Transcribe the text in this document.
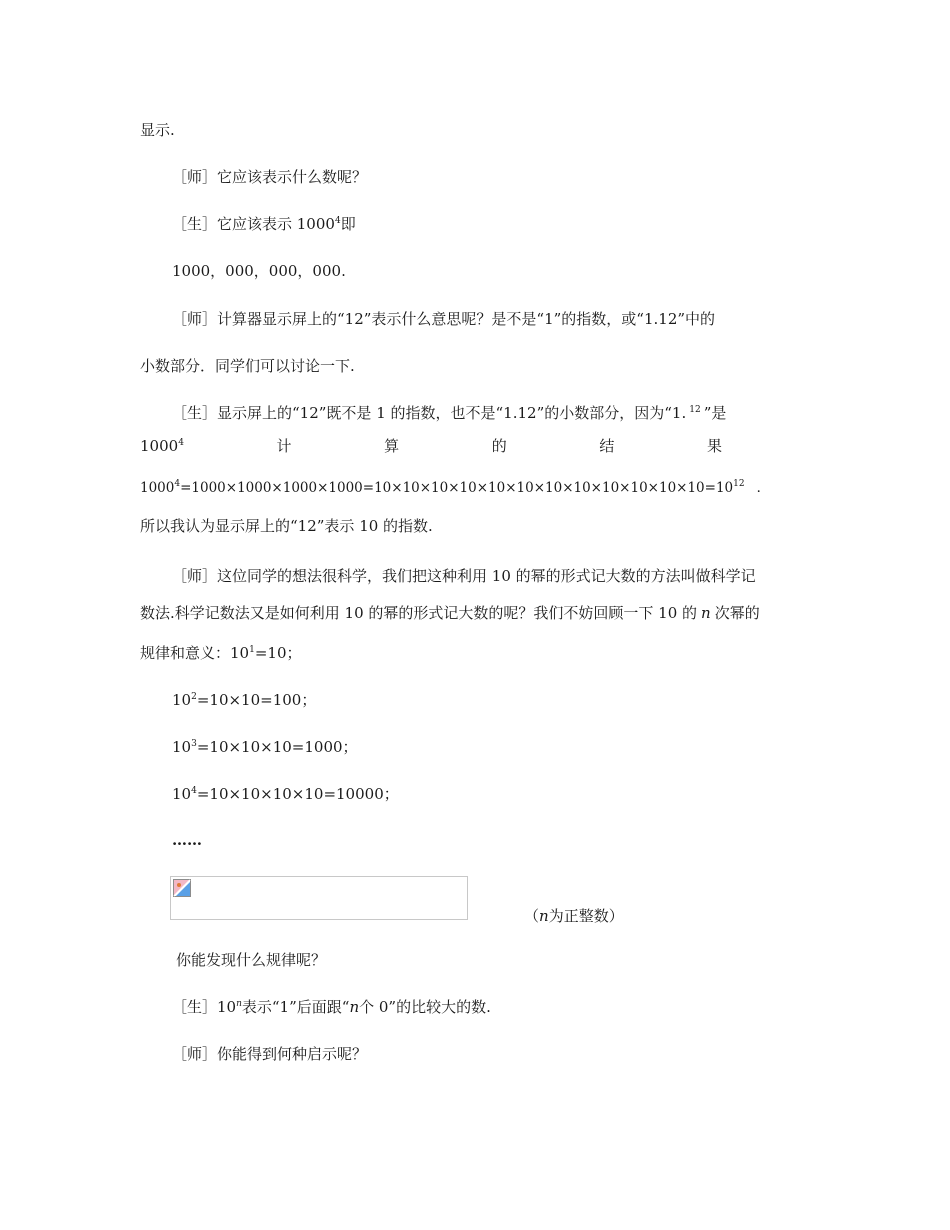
显示.
［师］它应该表示什么数呢？
［生］它应该表示 1000$^4$即
1000，000，000，000.
［师］计算器显示屏上的“12”表示什么意思呢？是不是“1”的指数，或“1.12”中的
小数部分．同学们可以讨论一下.
［生］显示屏上的“12”既不是 1 的指数，也不是“1.12”的小数部分，因为“1. $^{12}$ ”是
1000$^4$	计	算	的	结	果
$1000^4=1000\times 1000\times 1000\times 1000=10\times 10\times 10\times 10\times 10\times 10\times 10\times 10\times 10\times 10\times 10\times 10=10^{12}$ ．
所以我认为显示屏上的“12”表示 10 的指数.
［师］这位同学的想法很科学，我们把这种利用 10 的幂的形式记大数的方法叫做科学记
数法.科学记数法又是如何利用 10 的幂的形式记大数的呢？我们不妨回顾一下 10 的 n 次幂的
规律和意义：$10^1=10$；
$10^2=10\times 10=100$；
$10^3=10\times 10\times 10=1000$；
$10^4=10\times 10\times 10\times 10=10000$；
……
（n为正整数）
你能发现什么规律呢？
［生］10$^n$表示“1”后面跟“n个 0”的比较大的数.
［师］你能得到何种启示呢？
